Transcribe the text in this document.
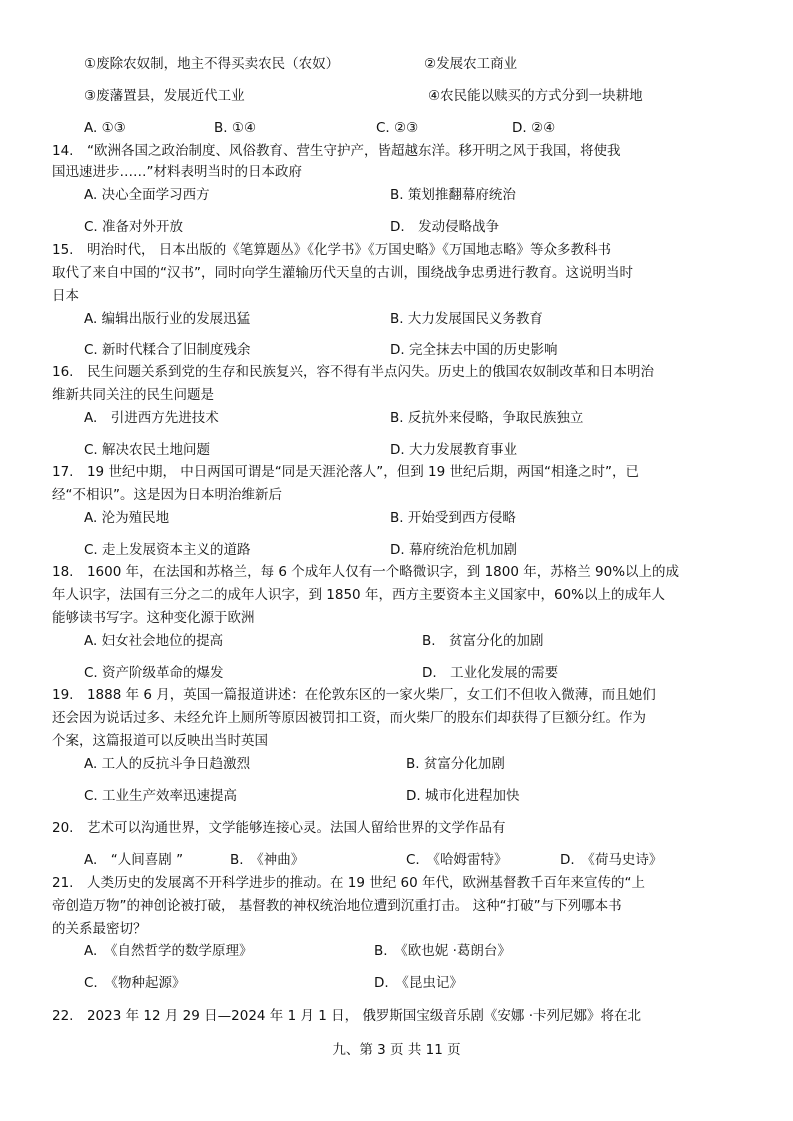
①废除农奴制，地主不得买卖农民（农奴）	②发展农工商业
③废藩置县，发展近代工业	④农民能以赎买的方式分到一块耕地
A. ①③	B. ①④	C. ②③	D. ②④
14.　“欧洲各国之政治制度、风俗教育、营生守护产，皆超越东洋。移开明之风于我国，将使我
国迅速进步……”材料表明当时的日本政府
A. 决心全面学习西方	B. 策划推翻幕府统治
C. 准备对外开放	D.　发动侵略战争
15.　明治时代， 日本出版的《笔算题丛》《化学书》《万国史略》《万国地志略》等众多教科书
取代了来自中国的“汉书”，同时向学生灌输历代天皇的古训，围绕战争忠勇进行教育。这说明当时
日本
A. 编辑出版行业的发展迅猛	B. 大力发展国民义务教育
C. 新时代糅合了旧制度残余	D. 完全抹去中国的历史影响
16.　民生问题关系到党的生存和民族复兴，容不得有半点闪失。历史上的俄国农奴制改革和日本明治
维新共同关注的民生问题是
A.　引进西方先进技术	B. 反抗外来侵略，争取民族独立
C. 解决农民土地问题	D. 大力发展教育事业
17.　19 世纪中期， 中日两国可谓是“同是天涯沦落人”，但到 19 世纪后期，两国“相逢之时”，已
经“不相识”。这是因为日本明治维新后
A. 沦为殖民地	B. 开始受到西方侵略
C. 走上发展资本主义的道路	D. 幕府统治危机加剧
18.　1600 年，在法国和苏格兰，每 6 个成年人仅有一个略微识字，到 1800 年，苏格兰 90%以上的成
年人识字，法国有三分之二的成年人识字，到 1850 年，西方主要资本主义国家中，60%以上的成年人
能够读书写字。这种变化源于欧洲
A. 妇女社会地位的提高	B.　贫富分化的加剧
C. 资产阶级革命的爆发	D.　工业化发展的需要
19.　1888 年 6 月，英国一篇报道讲述：在伦敦东区的一家火柴厂，女工们不但收入微薄，而且她们
还会因为说话过多、未经允许上厕所等原因被罚扣工资，而火柴厂的股东们却获得了巨额分红。作为
个案，这篇报道可以反映出当时英国
A. 工人的反抗斗争日趋激烈	B. 贫富分化加剧
C. 工业生产效率迅速提高	D. 城市化进程加快
20.　艺术可以沟通世界，文学能够连接心灵。法国人留给世界的文学作品有
A.　“人间喜剧 ”	B.　《神曲》	C.　《哈姆雷特》	D.　《荷马史诗》
21.　人类历史的发展离不开科学进步的推动。在 19 世纪 60 年代，欧洲基督教千百年来宣传的“上
帝创造万物”的神创论被打破， 基督教的神权统治地位遭到沉重打击。 这种“打破”与下列哪本书
的关系最密切？
A.　《自然哲学的数学原理》	B.　《欧也妮 ·葛朗台》
C.　《物种起源》	D.　《昆虫记》
22.　2023 年 12 月 29 日—2024 年 1 月 1 日， 俄罗斯国宝级音乐剧《安娜 ·卡列尼娜》将在北
九、第 3 页 共 11 页
